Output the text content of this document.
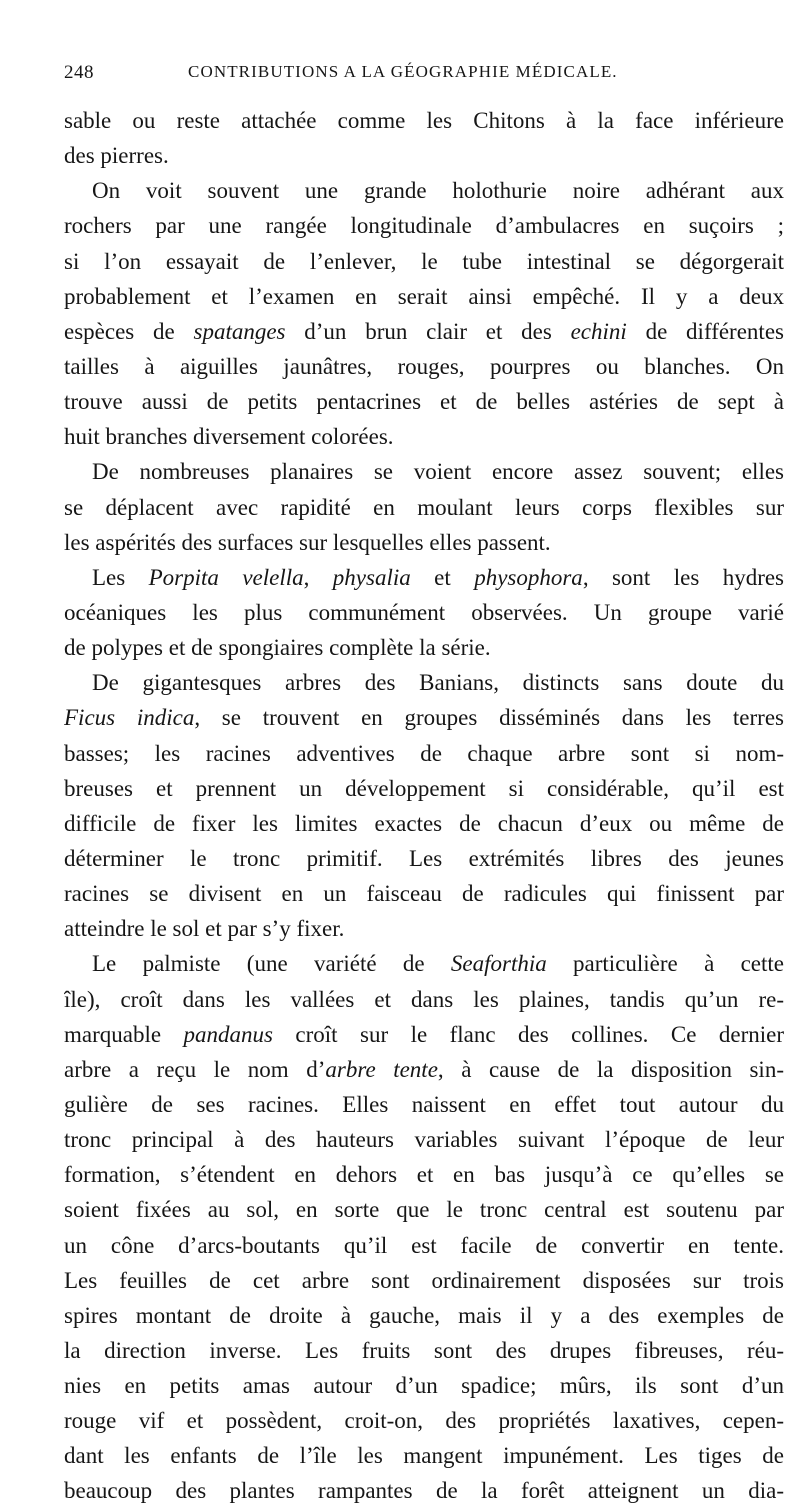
248	CONTRIBUTIONS A LA GÉOGRAPHIE MÉDICALE.
sable ou reste attachée comme les Chitons à la face inférieure
des pierres.
On voit souvent une grande holothurie noire adhérant aux
rochers par une rangée longitudinale d’ambulacres en suçoirs ;
si l’on essayait de l’enlever, le tube intestinal se dégorgerait
probablement et l’examen en serait ainsi empêché. Il y a deux
espèces de spatanges d’un brun clair et des echini de différentes
tailles à aiguilles jaunâtres, rouges, pourpres ou blanches. On
trouve aussi de petits pentacrines et de belles astéries de sept à
huit branches diversement colorées.
De nombreuses planaires se voient encore assez souvent; elles
se déplacent avec rapidité en moulant leurs corps flexibles sur
les aspérités des surfaces sur lesquelles elles passent.
Les Porpita velella, physalia et physophora, sont les hydres
océaniques les plus communément observées. Un groupe varié
de polypes et de spongiaires complète la série.
De gigantesques arbres des Banians, distincts sans doute du
Ficus indica, se trouvent en groupes disséminés dans les terres
basses; les racines adventives de chaque arbre sont si nom-
breuses et prennent un développement si considérable, qu’il est
difficile de fixer les limites exactes de chacun d’eux ou même de
déterminer le tronc primitif. Les extrémités libres des jeunes
racines se divisent en un faisceau de radicules qui finissent par
atteindre le sol et par s’y fixer.
Le palmiste (une variété de Seaforthia particulière à cette
île), croît dans les vallées et dans les plaines, tandis qu’un re-
marquable pandanus croît sur le flanc des collines. Ce dernier
arbre a reçu le nom d’arbre tente, à cause de la disposition sin-
gulière de ses racines. Elles naissent en effet tout autour du
tronc principal à des hauteurs variables suivant l’époque de leur
formation, s’étendent en dehors et en bas jusqu’à ce qu’elles se
soient fixées au sol, en sorte que le tronc central est soutenu par
un cône d’arcs-boutants qu’il est facile de convertir en tente.
Les feuilles de cet arbre sont ordinairement disposées sur trois
spires montant de droite à gauche, mais il y a des exemples de
la direction inverse. Les fruits sont des drupes fibreuses, réu-
nies en petits amas autour d’un spadice; mûrs, ils sont d’un
rouge vif et possèdent, croit-on, des propriétés laxatives, cepen-
dant les enfants de l’île les mangent impunément. Les tiges de
beaucoup des plantes rampantes de la forêt atteignent un dia-
